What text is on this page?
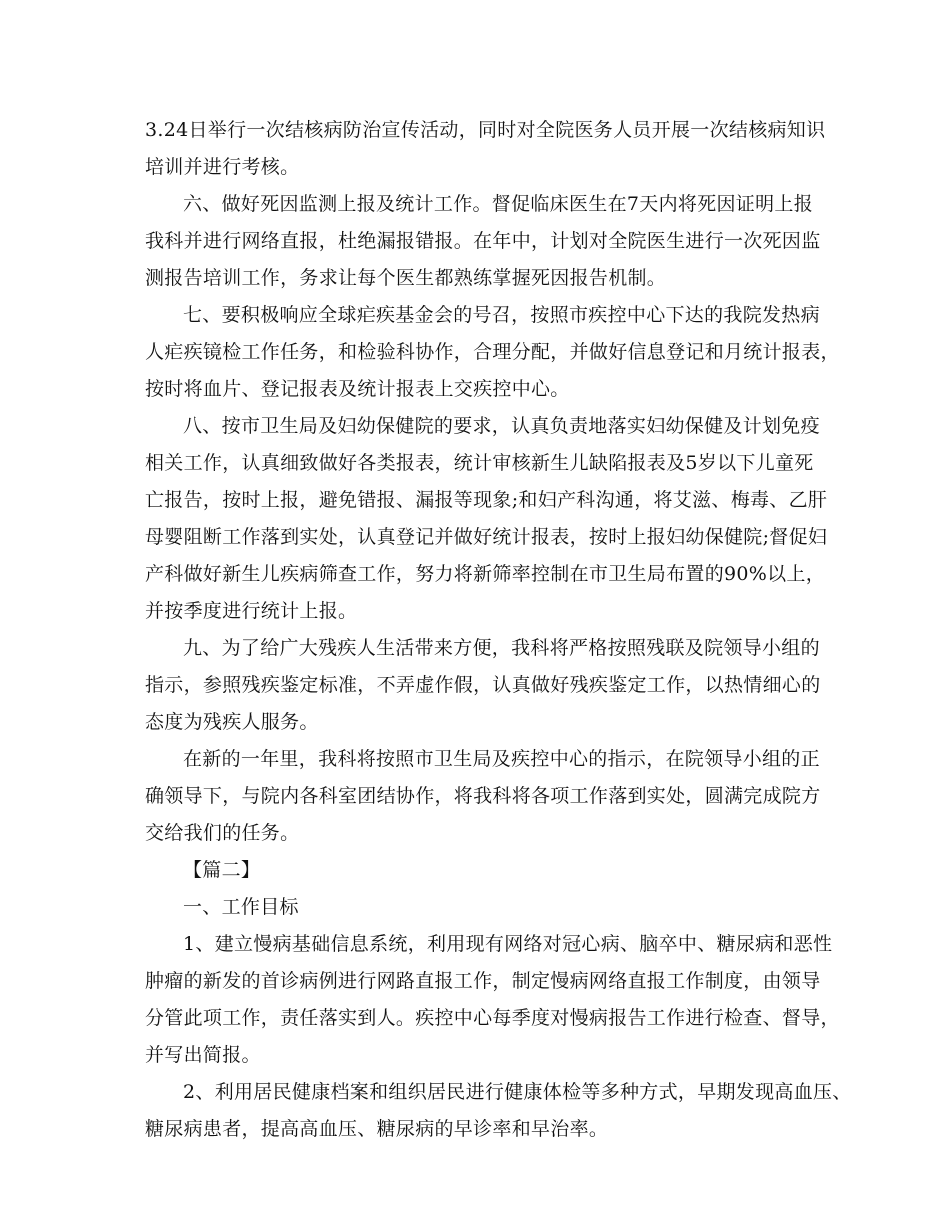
3.24日举行一次结核病防治宣传活动，同时对全院医务人员开展一次结核病知识

培训并进行考核。

六、做好死因监测上报及统计工作。督促临床医生在7天内将死因证明上报

我科并进行网络直报，杜绝漏报错报。在年中，计划对全院医生进行一次死因监

测报告培训工作，务求让每个医生都熟练掌握死因报告机制。

七、要积极响应全球疟疾基金会的号召，按照市疾控中心下达的我院发热病

人疟疾镜检工作任务，和检验科协作，合理分配，并做好信息登记和月统计报表，

按时将血片、登记报表及统计报表上交疾控中心。

八、按市卫生局及妇幼保健院的要求，认真负责地落实妇幼保健及计划免疫

相关工作，认真细致做好各类报表，统计审核新生儿缺陷报表及5岁以下儿童死

亡报告，按时上报，避免错报、漏报等现象;和妇产科沟通，将艾滋、梅毒、乙肝

母婴阻断工作落到实处，认真登记并做好统计报表，按时上报妇幼保健院;督促妇

产科做好新生儿疾病筛查工作，努力将新筛率控制在市卫生局布置的90%以上，

并按季度进行统计上报。

九、为了给广大残疾人生活带来方便，我科将严格按照残联及院领导小组的

指示，参照残疾鉴定标准，不弄虚作假，认真做好残疾鉴定工作，以热情细心的

态度为残疾人服务。

在新的一年里，我科将按照市卫生局及疾控中心的指示，在院领导小组的正

确领导下，与院内各科室团结协作，将我科将各项工作落到实处，圆满完成院方

交给我们的任务。

【篇二】

一、工作目标

1、建立慢病基础信息系统，利用现有网络对冠心病、脑卒中、糖尿病和恶性

肿瘤的新发的首诊病例进行网路直报工作，制定慢病网络直报工作制度，由领导

分管此项工作，责任落实到人。疾控中心每季度对慢病报告工作进行检查、督导，

并写出简报。

2、利用居民健康档案和组织居民进行健康体检等多种方式，早期发现高血压、

糖尿病患者，提高高血压、糖尿病的早诊率和早治率。
